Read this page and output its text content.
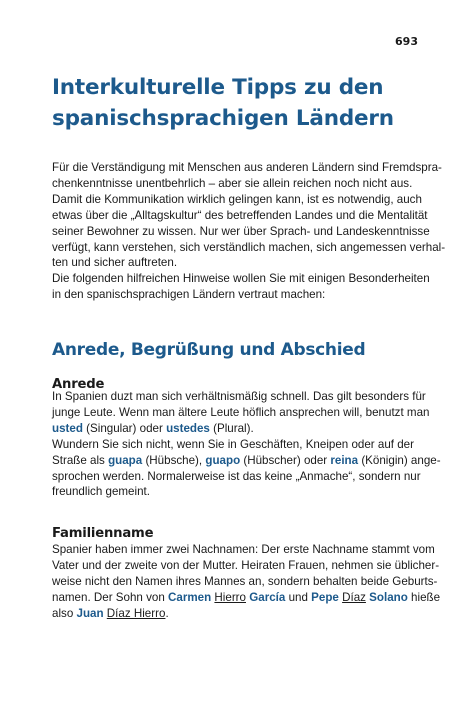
693
Interkulturelle Tipps zu den spanischsprachigen Ländern

Für die Verständigung mit Menschen aus anderen Ländern sind Fremdspra-
chenkenntnisse unentbehrlich – aber sie allein reichen noch nicht aus.
Damit die Kommunikation wirklich gelingen kann, ist es notwendig, auch
etwas über die „Alltagskultur“ des betreffenden Landes und die Mentalität
seiner Bewohner zu wissen. Nur wer über Sprach- und Landeskenntnisse
verfügt, kann verstehen, sich verständlich machen, sich angemessen verhal-
ten und sicher auftreten.
Die folgenden hilfreichen Hinweise wollen Sie mit einigen Besonderheiten
in den spanischsprachigen Ländern vertraut machen:

Anrede, Begrüßung und Abschied
Anrede

In Spanien duzt man sich verhältnismäßig schnell. Das gilt besonders für
junge Leute. Wenn man ältere Leute höflich ansprechen will, benutzt man
usted (Singular) oder ustedes (Plural).
Wundern Sie sich nicht, wenn Sie in Geschäften, Kneipen oder auf der
Straße als guapa (Hübsche), guapo (Hübscher) oder reina (Königin) ange-
sprochen werden. Normalerweise ist das keine „Anmache“, sondern nur
freundlich gemeint.

Familienname

Spanier haben immer zwei Nachnamen: Der erste Nachname stammt vom
Vater und der zweite von der Mutter. Heiraten Frauen, nehmen sie üblicher-
weise nicht den Namen ihres Mannes an, sondern behalten beide Geburts-
namen. Der Sohn von Carmen Hierro García und Pepe Díaz Solano hieße
also Juan Díaz Hierro.
